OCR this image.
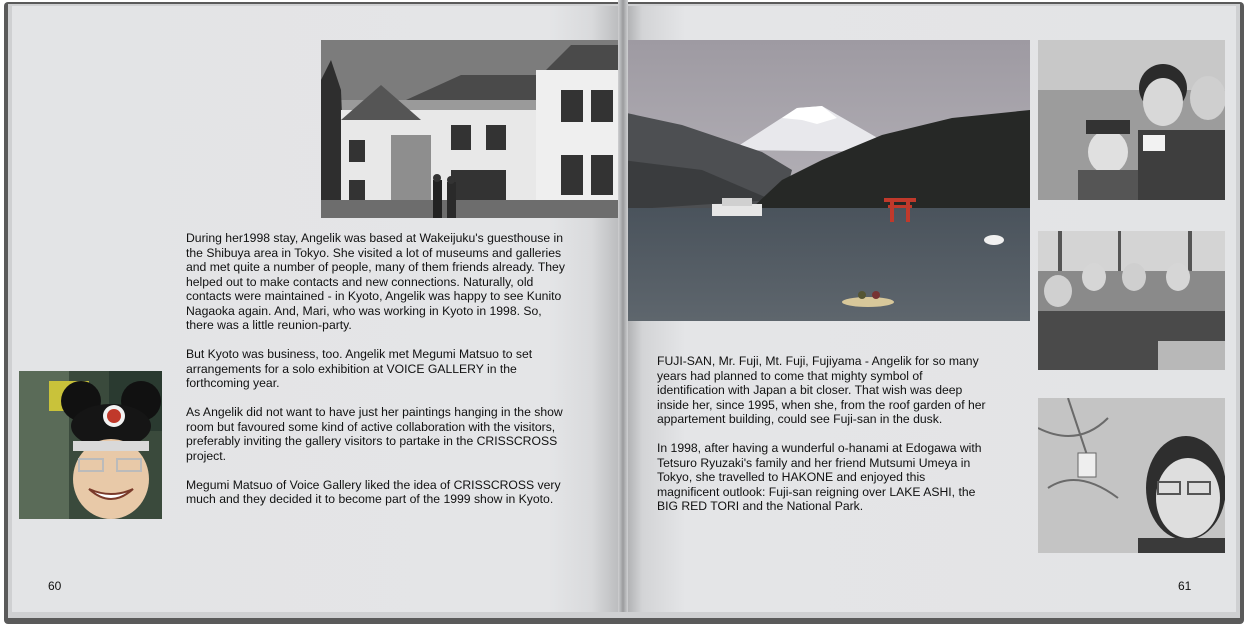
During her1998 stay, Angelik was based at Wakeijuku's guesthouse in the Shibuya area in Tokyo. She visited a lot of museums and galleries and met quite a number of people, many of them friends already. They helped out to make contacts and new connections. Naturally, old contacts were maintained - in Kyoto, Angelik was happy to see Kunito Nagaoka again. And, Mari, who was working in Kyoto in 1998. So, there was a little reunion-party.

But Kyoto was business, too. Angelik met Megumi Matsuo to set arrangements for a solo exhibition at VOICE GALLERY in the forthcoming year.

As Angelik did not want to have just her paintings hanging in the show room but favoured some kind of active collaboration with the visitors, preferably inviting the gallery visitors to partake in the CRISSCROSS project.

Megumi Matsuo of Voice Gallery liked the idea of CRISSCROSS very much and they decided it to become part of the 1999 show in Kyoto.

60

FUJI-SAN, Mr. Fuji, Mt. Fuji, Fujiyama - Angelik for so many years had planned to come that mighty symbol of identification with Japan a bit closer. That wish was deep inside her, since 1995, when she, from the roof garden of her appartement building, could see Fuji-san in the dusk.

In 1998, after having a wunderful o-hanami at Edogawa with Tetsuro Ryuzaki's family and her friend Mutsumi Umeya in Tokyo, she travelled to HAKONE and enjoyed this magnificent outlook: Fuji-san reigning over LAKE ASHI, the BIG RED TORI and the National Park.

61
